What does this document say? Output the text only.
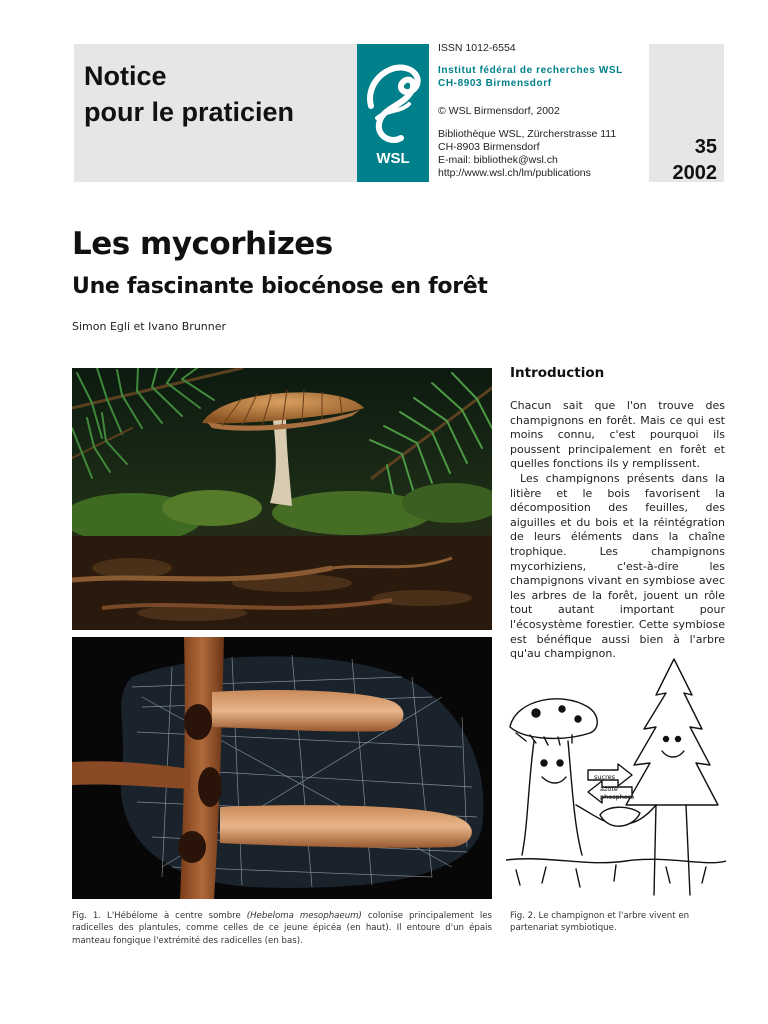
Notice
pour le praticien
WSL
ISSN 1012-6554
Institut fédéral de recherches WSL
CH-8903 Birmensdorf
© WSL Birmensdorf, 2002
Bibliothèque WSL, Zürcherstrasse 111
CH-8903 Birmensdorf
E-mail: bibliothek@wsl.ch
http://www.wsl.ch/lm/publications
35
2002
Les mycorhizes
Une fascinante biocénose en forêt
Simon Egli et Ivano Brunner
Introduction

Chacun sait que l'on trouve des champignons en forêt. Mais ce qui est moins connu, c'est pourquoi ils poussent principalement en forêt et quelles fonctions ils y remplissent.

Les champignons présents dans la litière et le bois favorisent la décomposition des feuilles, des aiguilles et du bois et la réintégration de leurs éléments dans la chaîne trophique. Les champignons mycorhiziens, c'est-à-dire les champignons vivant en symbiose avec les arbres de la forêt, jouent un rôle tout autant important pour l'écosystème forestier. Cette symbiose est bénéfique aussi bien à l'arbre qu'au champignon.

sucres
azote
phosphore
Fig. 1. L'Hébélome à centre sombre (Hebeloma mesophaeum) colonise principalement les radicelles des plantules, comme celles de ce jeune épicéa (en haut). Il entoure d'un épais manteau fongique l'extrémité des radicelles (en bas).
Fig. 2. Le champignon et l'arbre vivent en partenariat symbiotique.
